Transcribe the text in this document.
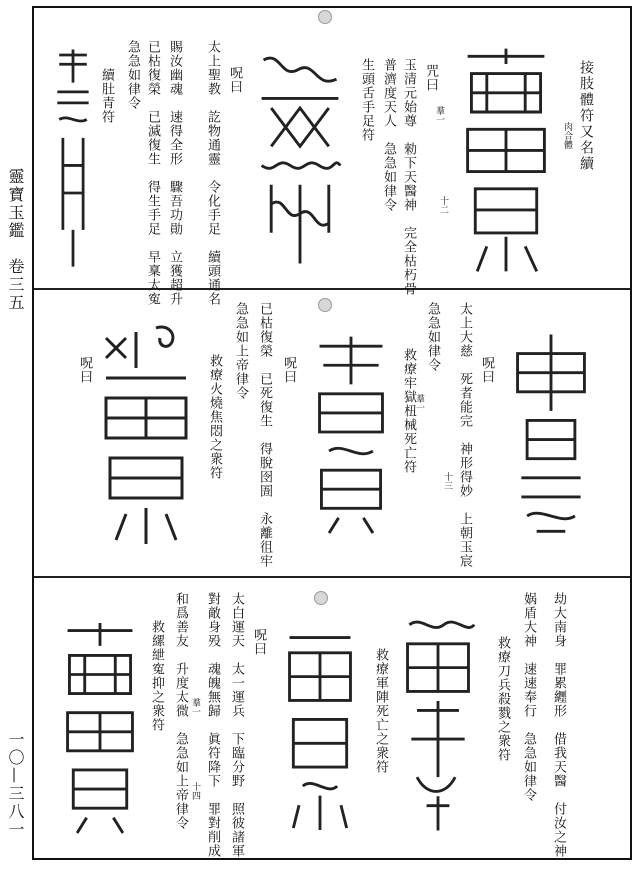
靈寶玉鑑　卷三五
一〇—三八一
接肢體符又名續
肉合體
羣一
咒曰
十二
玉清元始尊　勑下天醫神　完全枯朽骨
普濟度天人　急急如律令
生頭舌手足符
呪曰
太上聖教　訖物通靈　令化手足　續頭通名
賜汝幽魂　速得全形　驟吾功勛　立獲超升
已枯復榮　已滅復生　得生手足　早稟太寃
急急如律令
續肚青符
呪曰
太上大慈　死者能完　神形得妙　上朝玉宸
十三
急急如律令
羣一
救療牢獄杻械死亡符
呪曰
已枯復榮　已死復生　得脫囹圄　永離徂牢
急急如上帝律令
救療火燒焦悶之衆符
呪曰
劫大南身　罪累纒形　借我天醫　付汝之神
娲盾大神　速速奉行　急急如律令
救療刀兵殺戮之衆符
救療軍陣死亡之衆符
呪曰
太白運天　太一運兵　下臨分野　照彼諸軍
對敵身殁　魂魄無歸　眞符降下　罪對削成
羣一
十四
和爲善友　升度太微　急急如上帝律令
救縲紲寃抑之衆符
